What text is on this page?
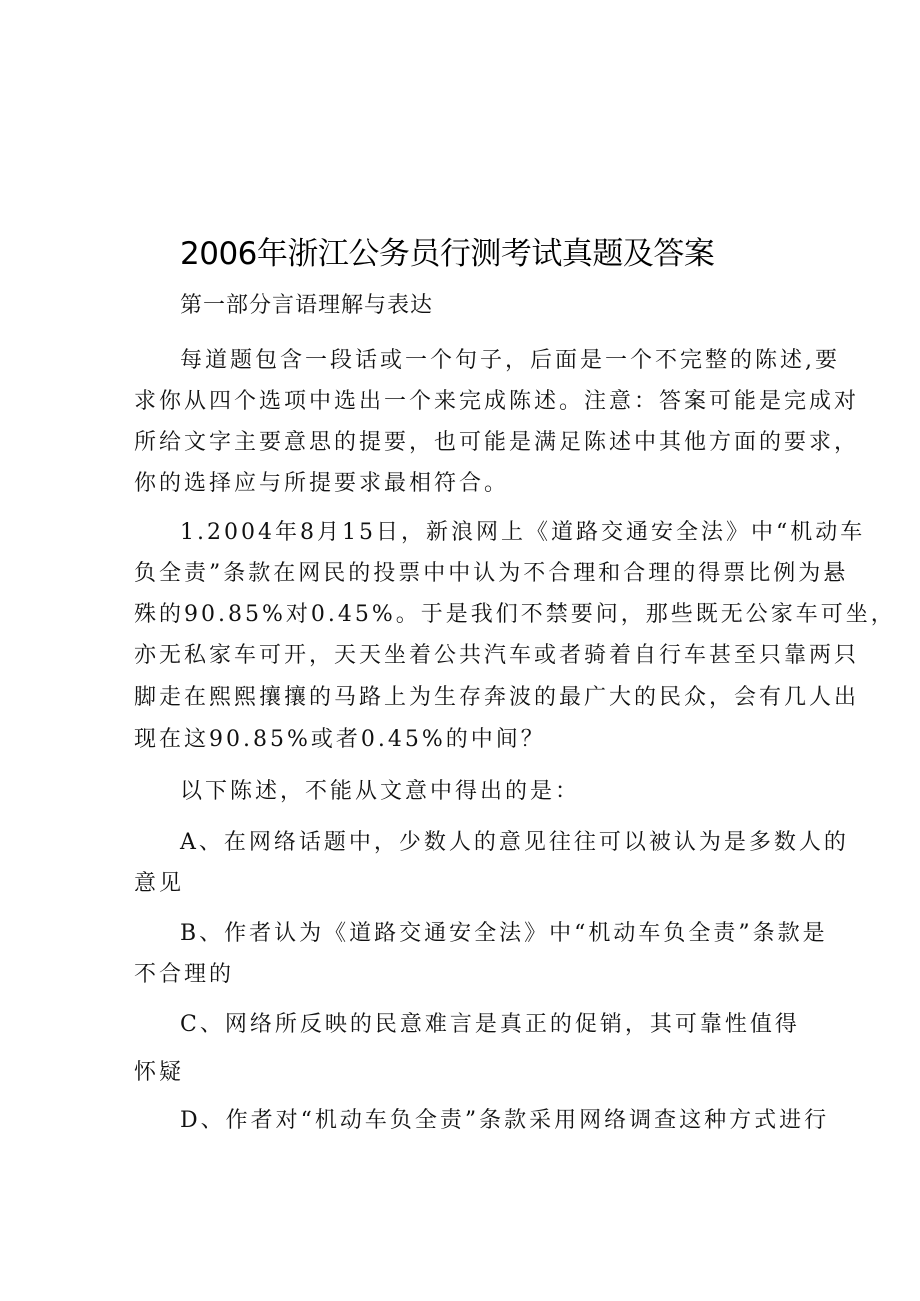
2006年浙江公务员行测考试真题及答案

第一部分言语理解与表达

每道题包含一段话或一个句子，后面是一个不完整的陈述,要

求你从四个选项中选出一个来完成陈述。注意：答案可能是完成对

所给文字主要意思的提要，也可能是满足陈述中其他方面的要求，

你的选择应与所提要求最相符合。

1.2004年8月15日，新浪网上《道路交通安全法》中“机动车

负全责”条款在网民的投票中中认为不合理和合理的得票比例为悬

殊的90.85%对0.45%。于是我们不禁要问，那些既无公家车可坐，

亦无私家车可开，天天坐着公共汽车或者骑着自行车甚至只靠两只

脚走在熙熙攘攘的马路上为生存奔波的最广大的民众，会有几人出

现在这90.85%或者0.45%的中间？

以下陈述，不能从文意中得出的是：

A、在网络话题中，少数人的意见往往可以被认为是多数人的

意见

B、作者认为《道路交通安全法》中“机动车负全责”条款是

不合理的

C、网络所反映的民意难言是真正的促销，其可靠性值得

怀疑

D、作者对“机动车负全责”条款采用网络调查这种方式进行
